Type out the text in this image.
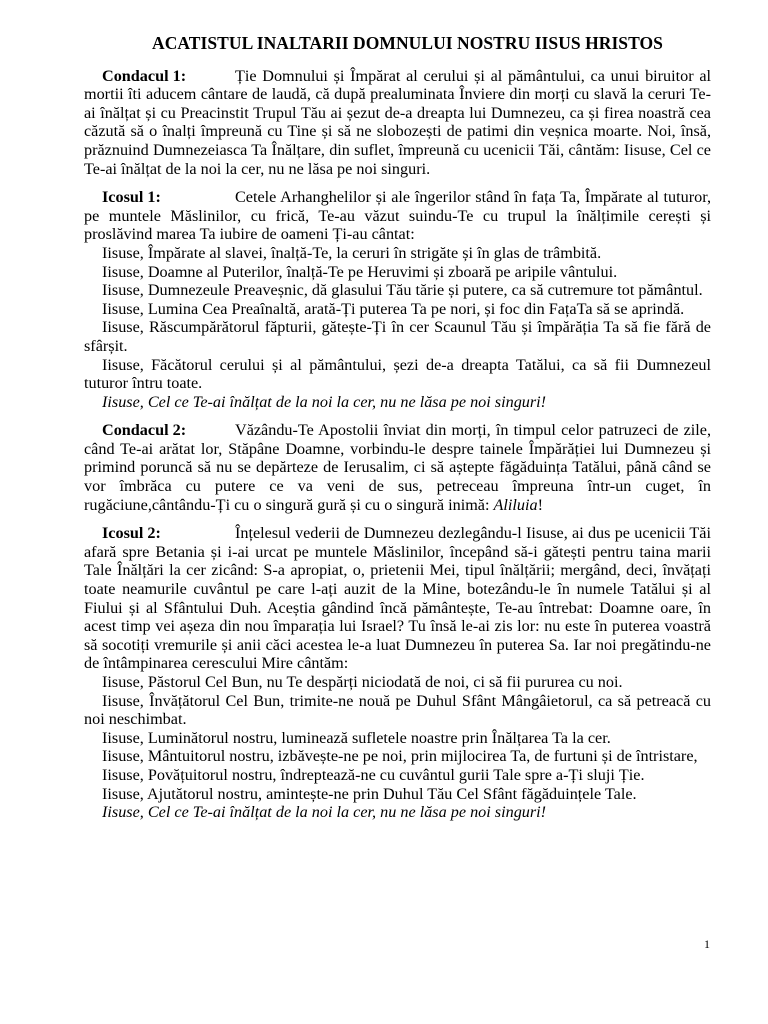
ACATISTUL INALTARII DOMNULUI NOSTRU IISUS HRISTOS

Condacul 1:	Ție Domnului și Împărat al cerului și al pământului, ca unui biruitor al mortii îti aducem cântare de laudă, că după prealuminata Înviere din morți cu slavă la ceruri Te-ai înălțat și cu Preacinstit Trupul Tău ai șezut de-a dreapta lui Dumnezeu, ca și firea noastră cea căzută să o înalți împreună cu Tine și să ne slobozești de patimi din veșnica moarte. Noi, însă, prăznuind Dumnezeiasca Ta Înălțare, din suflet, împreună cu ucenicii Tăi, cântăm: Iisuse, Cel ce Te-ai înălțat de la noi la cer, nu ne lăsa pe noi singuri.

Icosul 1:	Cetele Arhanghelilor și ale îngerilor stând în fața Ta, Împărate al tuturor, pe muntele Măslinilor, cu frică, Te-au văzut suindu-Te cu trupul la înălțimile cerești și proslăvind marea Ta iubire de oameni Ți-au cântat:

Iisuse, Împărate al slavei, înalță-Te, la ceruri în strigăte și în glas de trâmbită.

Iisuse, Doamne al Puterilor, înalță-Te pe Heruvimi și zboară pe aripile vântului.

Iisuse, Dumnezeule Preaveșnic, dă glasului Tău tărie și putere, ca să cutremure tot pământul.

Iisuse, Lumina Cea Preaînaltă, arată-Ți puterea Ta pe nori, și foc din FațaTa să se aprindă.

Iisuse, Răscumpărătorul făpturii, gătește-Ți în cer Scaunul Tău și împărăția Ta să fie fără de sfârșit.

Iisuse, Făcătorul cerului și al pământului, șezi de-a dreapta Tatălui, ca să fii Dumnezeul tuturor întru toate.

Iisuse, Cel ce Te-ai înălțat de la noi la cer, nu ne lăsa pe noi singuri!

Condacul 2:	Văzându-Te Apostolii înviat din morți, în timpul celor patruzeci de zile, când Te-ai arătat lor, Stăpâne Doamne, vorbindu-le despre tainele Împărăției lui Dumnezeu și primind poruncă să nu se depărteze de Ierusalim, ci să aștepte făgăduința Tatălui, până când se vor îmbrăca cu putere ce va veni de sus, petreceau împreuna într-un cuget, în rugăciune,cântându-Ți cu o singură gură și cu o singură inimă: Aliluia!

Icosul 2:	Înțelesul vederii de Dumnezeu dezlegându-l Iisuse, ai dus pe ucenicii Tăi afară spre Betania și i-ai urcat pe muntele Măslinilor, începând să-i gătești pentru taina marii Tale Înălțări la cer zicând: S-a apropiat, o, prietenii Mei, tipul înălțării; mergând, deci, învățați toate neamurile cuvântul pe care l-ați auzit de la Mine, botezându-le în numele Tatălui și al Fiului și al Sfântului Duh. Aceștia gândind încă pământește, Te-au întrebat: Doamne oare, în acest timp vei așeza din nou împarația lui Israel? Tu însă le-ai zis lor: nu este în puterea voastră să socotiți vremurile și anii căci acestea le-a luat Dumnezeu în puterea Sa. Iar noi pregătindu-ne de întâmpinarea cerescului Mire cântăm:

Iisuse, Păstorul Cel Bun, nu Te despărți niciodată de noi, ci să fii pururea cu noi.

Iisuse, Învățătorul Cel Bun, trimite-ne nouă pe Duhul Sfânt Mângâietorul, ca să petreacă cu noi neschimbat.

Iisuse, Luminătorul nostru, luminează sufletele noastre prin Înălțarea Ta la cer.

Iisuse, Mântuitorul nostru, izbăvește-ne pe noi, prin mijlocirea Ta, de furtuni și de întristare,

Iisuse, Povățuitorul nostru, îndreptează-ne cu cuvântul gurii Tale spre a-Ți sluji Ție.

Iisuse, Ajutătorul nostru, amintește-ne prin Duhul Tău Cel Sfânt făgăduințele Tale.

Iisuse, Cel ce Te-ai înălțat de la noi la cer, nu ne lăsa pe noi singuri!

1
